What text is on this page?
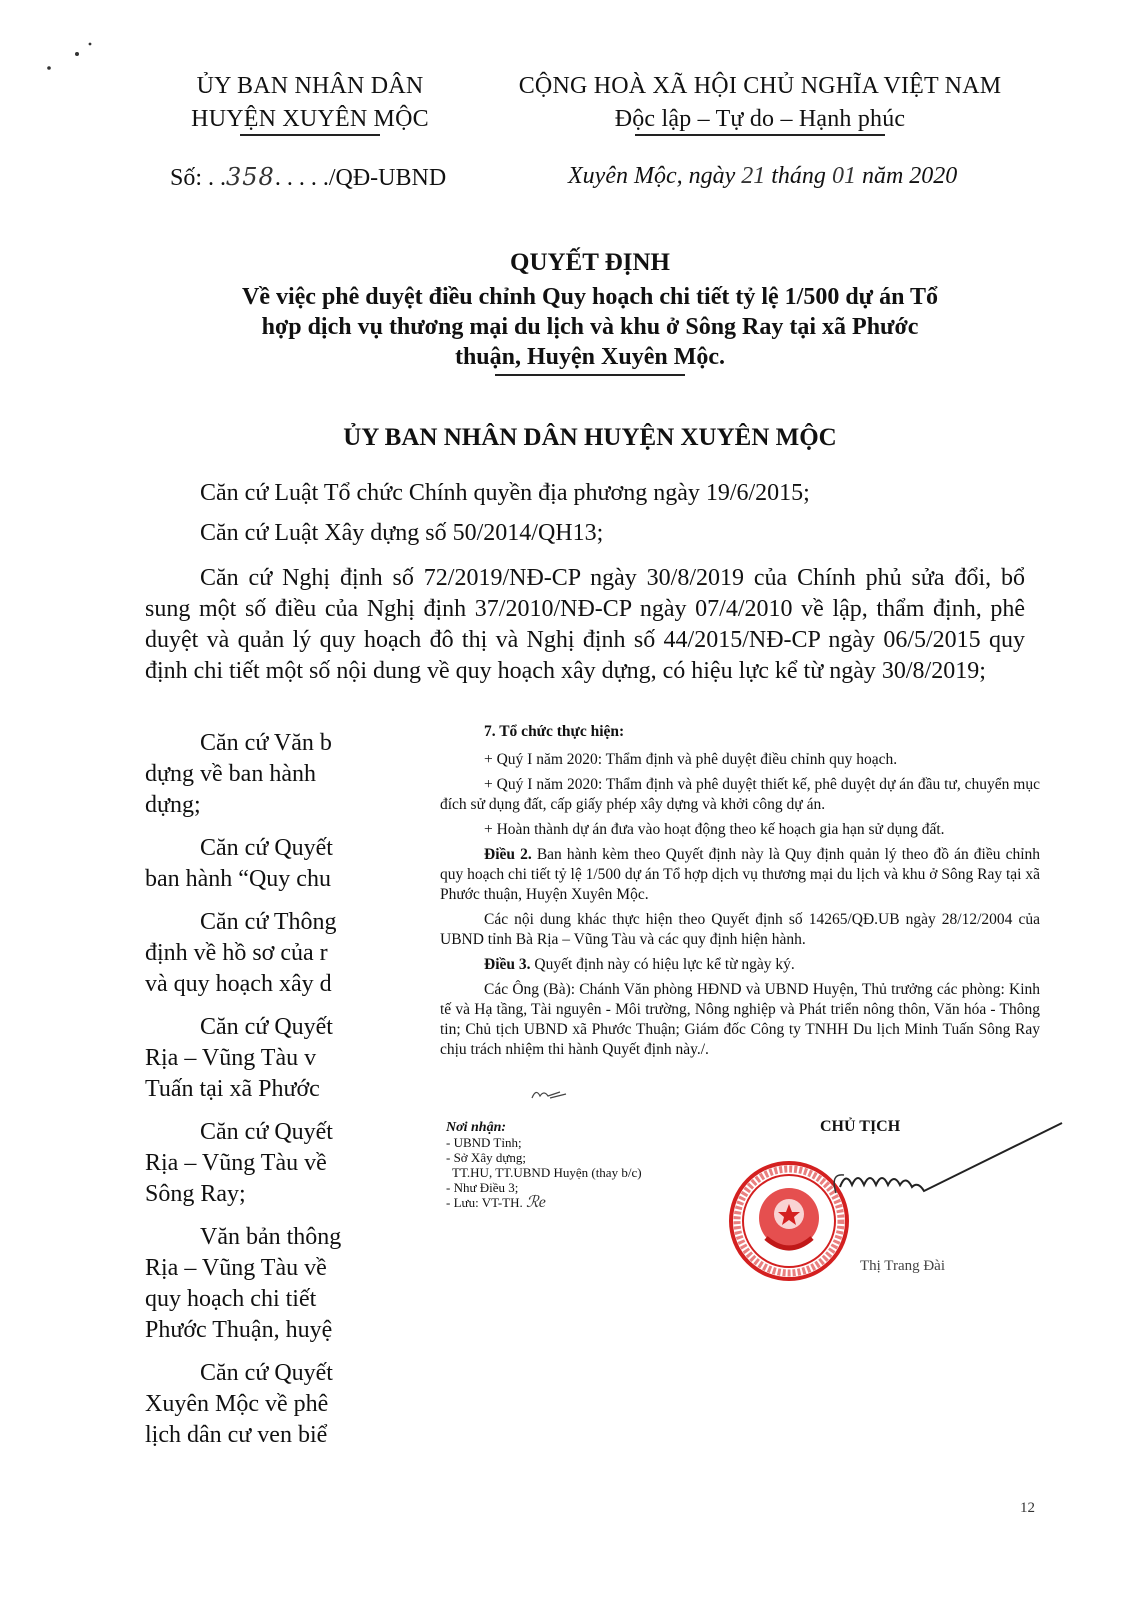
ỦY BAN NHÂN DÂN
HUYỆN XUYÊN MỘC
CỘNG HOÀ XÃ HỘI CHỦ NGHĨA VIỆT NAM
Độc lập – Tự do – Hạnh phúc
Số: . .358. . . . ./QĐ-UBND	Xuyên Mộc, ngày 21 tháng 01 năm 2020
QUYẾT ĐỊNH
Về việc phê duyệt điều chỉnh Quy hoạch chi tiết tỷ lệ 1/500 dự án Tổ
hợp dịch vụ thương mại du lịch và khu ở Sông Ray tại xã Phước
thuận, Huyện Xuyên Mộc.
ỦY BAN NHÂN DÂN HUYỆN XUYÊN MỘC
Căn cứ Luật Tổ chức Chính quyền địa phương ngày 19/6/2015;
Căn cứ Luật Xây dựng số 50/2014/QH13;
Căn cứ Nghị định số 72/2019/NĐ-CP ngày 30/8/2019 của Chính phủ sửa đổi, bổ sung một số điều của Nghị định 37/2010/NĐ-CP ngày 07/4/2010 về lập, thẩm định, phê duyệt và quản lý quy hoạch đô thị và Nghị định số 44/2015/NĐ-CP ngày 06/5/2015 quy định chi tiết một số nội dung về quy hoạch xây dựng, có hiệu lực kể từ ngày 30/8/2019;
Căn cứ Văn b
dựng về ban hành
dựng;
Căn cứ Quyết
ban hành “Quy chu
Căn cứ Thông
định về hồ sơ của r
và quy hoạch xây d
Căn cứ Quyết
Rịa – Vũng Tàu v
Tuấn tại xã Phước
Căn cứ Quyết
Rịa – Vũng Tàu về
Sông Ray;
Văn bản thông
Rịa – Vũng Tàu về
quy hoạch chi tiết
Phước Thuận, huyệ
Căn cứ Quyết
Xuyên Mộc về phê
lịch dân cư ven biể

7. Tổ chức thực hiện:

+ Quý I năm 2020: Thẩm định và phê duyệt điều chỉnh quy hoạch.

+ Quý I năm 2020: Thẩm định và phê duyệt thiết kế, phê duyệt dự án đầu tư, chuyển mục đích sử dụng đất, cấp giấy phép xây dựng và khởi công dự án.

+ Hoàn thành dự án đưa vào hoạt động theo kế hoạch gia hạn sử dụng đất.

Điều 2. Ban hành kèm theo Quyết định này là Quy định quản lý theo đồ án điều chỉnh quy hoạch chi tiết tỷ lệ 1/500 dự án Tổ hợp dịch vụ thương mại du lịch và khu ở Sông Ray tại xã Phước thuận, Huyện Xuyên Mộc.

Các nội dung khác thực hiện theo Quyết định số 14265/QĐ.UB ngày 28/12/2004 của UBND tỉnh Bà Rịa – Vũng Tàu và các quy định hiện hành.

Điều 3. Quyết định này có hiệu lực kể từ ngày ký.

Các Ông (Bà): Chánh Văn phòng HĐND và UBND Huyện, Thủ trưởng các phòng: Kinh tế và Hạ tầng, Tài nguyên - Môi trường, Nông nghiệp và Phát triển nông thôn, Văn hóa - Thông tin; Chủ tịch UBND xã Phước Thuận; Giám đốc Công ty TNHH Du lịch Minh Tuấn Sông Ray chịu trách nhiệm thi hành Quyết định này./.

Nơi nhận:
- UBND Tỉnh;
- Sở Xây dựng;
TT.HU, TT.UBND Huyện (thay b/c)
- Như Điều 3;
- Lưu: VT-TH. ℛe
CHỦ TỊCH
Thị Trang Đài
12
